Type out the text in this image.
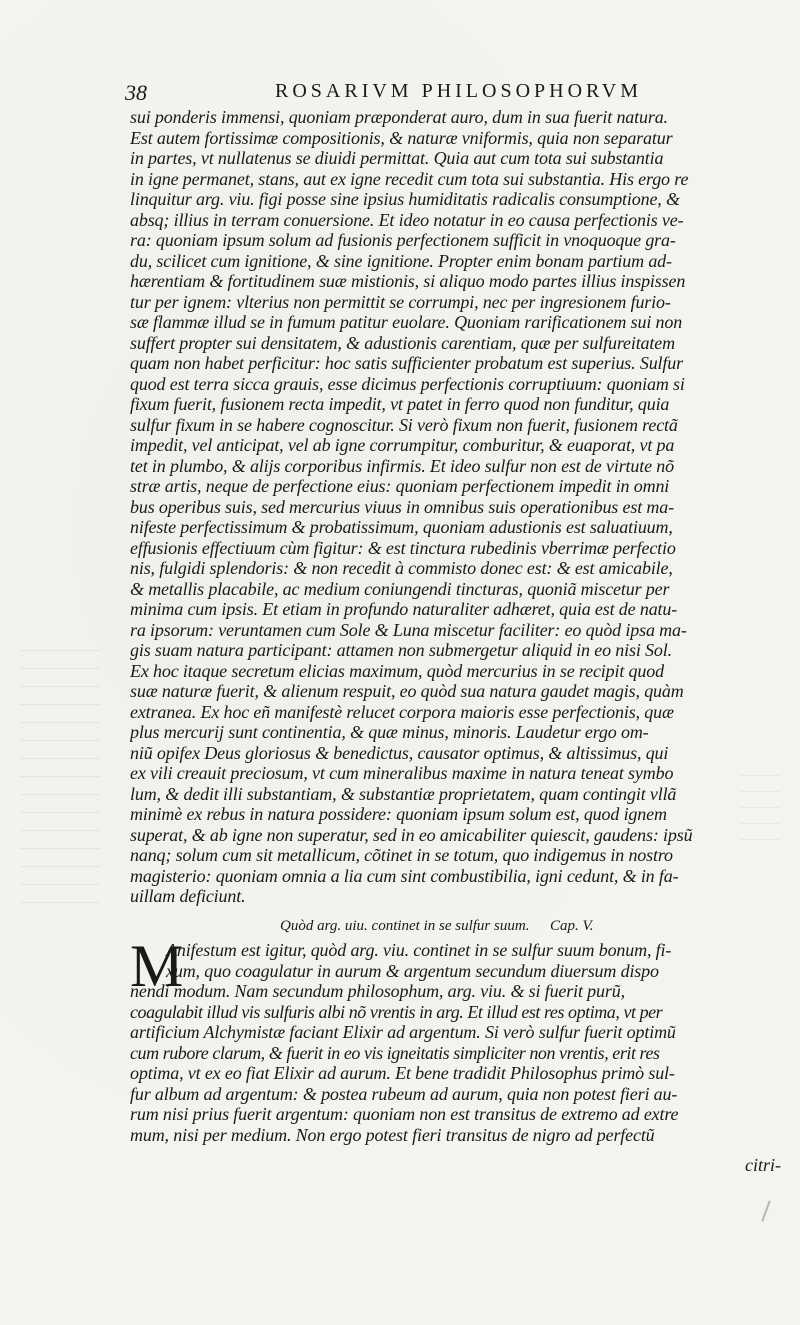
38	ROSARIVM PHILOSOPHORVM
sui ponderis immensi, quoniam præponderat auro, dum in sua fuerit natura.
Est autem fortissimæ compositionis, & naturæ vniformis, quia non separatur
in partes, vt nullatenus se diuidi permittat. Quia aut cum tota sui substantia
in igne permanet, stans, aut ex igne recedit cum tota sui substantia. His ergo re
linquitur arg. viu. figi posse sine ipsius humiditatis radicalis consumptione, &
absq; illius in terram conuersione. Et ideo notatur in eo causa perfectionis ve-
ra: quoniam ipsum solum ad fusionis perfectionem sufficit in vnoquoque gra-
du, scilicet cum ignitione, & sine ignitione. Propter enim bonam partium ad-
hærentiam & fortitudinem suæ mistionis, si aliquo modo partes illius inspissen
tur per ignem: vlterius non permittit se corrumpi, nec per ingresionem furio-
sæ flammæ illud se in fumum patitur euolare. Quoniam rarificationem sui non
suffert propter sui densitatem, & adustionis carentiam, quæ per sulfureitatem
quam non habet perficitur: hoc satis sufficienter probatum est superius. Sulfur
quod est terra sicca grauis, esse dicimus perfectionis corruptiuum: quoniam si
fixum fuerit, fusionem recta impedit, vt patet in ferro quod non funditur, quia
sulfur fixum in se habere cognoscitur. Si verò fixum non fuerit, fusionem rectã
impedit, vel anticipat, vel ab igne corrumpitur, comburitur, & euaporat, vt pa
tet in plumbo, & alijs corporibus infirmis. Et ideo sulfur non est de virtute nõ
stræ artis, neque de perfectione eius: quoniam perfectionem impedit in omni
bus operibus suis, sed mercurius viuus in omnibus suis operationibus est ma-
nifeste perfectissimum & probatissimum, quoniam adustionis est saluatiuum,
effusionis effectiuum cùm figitur: & est tinctura rubedinis vberrimæ perfectio
nis, fulgidi splendoris: & non recedit à commisto donec est: & est amicabile,
& metallis placabile, ac medium coniungendi tincturas, quoniã miscetur per
minima cum ipsis. Et etiam in profundo naturaliter adhæret, quia est de natu-
ra ipsorum: veruntamen cum Sole & Luna miscetur faciliter: eo quòd ipsa ma-
gis suam natura participant: attamen non submergetur aliquid in eo nisi Sol.
Ex hoc itaque secretum elicias maximum, quòd mercurius in se recipit quod
suæ naturæ fuerit, & alienum respuit, eo quòd sua natura gaudet magis, quàm
extranea. Ex hoc eñ manifestè relucet corpora maioris esse perfectionis, quæ
plus mercurij sunt continentia, & quæ minus, minoris. Laudetur ergo om-
niũ opifex Deus gloriosus & benedictus, causator optimus, & altissimus, qui
ex vili creauit preciosum, vt cum mineralibus maxime in natura teneat symbo
lum, & dedit illi substantiam, & substantiæ proprietatem, quam contingit vllã
minimè ex rebus in natura possidere: quoniam ipsum solum est, quod ignem
superat, & ab igne non superatur, sed in eo amicabiliter quiescit, gaudens: ipsũ
nanq; solum cum sit metallicum, cõtinet in se totum, quo indigemus in nostro
magisterio: quoniam omnia a lia cum sint combustibilia, igni cedunt, & in fa-
uillam deficiunt.
Quòd arg. uiu. continet in se sulfur suum. Cap. V.
M
Anifestum est igitur, quòd arg. viu. continet in se sulfur suum bonum, fi-
xum, quo coagulatur in aurum & argentum secundum diuersum dispo
nendi modum. Nam secundum philosophum, arg. viu. & si fuerit purũ,
coagulabit illud vis sulfuris albi nõ vrentis in arg. Et illud est res optima, vt per
artificium Alchymistæ faciant Elixir ad argentum. Si verò sulfur fuerit optimũ
cum rubore clarum, & fuerit in eo vis igneitatis simpliciter non vrentis, erit res
optima, vt ex eo fiat Elixir ad aurum. Et bene tradidit Philosophus primò sul-
fur album ad argentum: & postea rubeum ad aurum, quia non potest fieri au-
rum nisi prius fuerit argentum: quoniam non est transitus de extremo ad extre
mum, nisi per medium. Non ergo potest fieri transitus de nigro ad perfectũ
citri-
